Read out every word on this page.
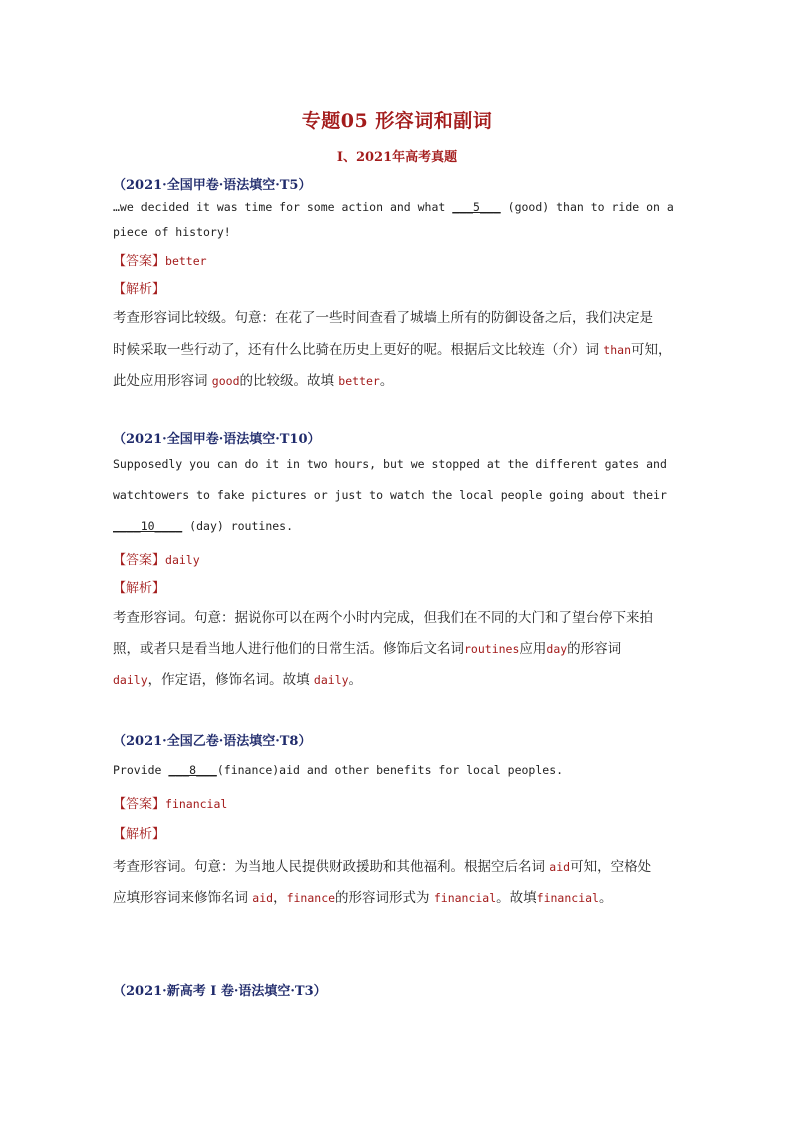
专题05 形容词和副词
I、2021年高考真题
（2021·全国甲卷·语法填空·T5）
…we decided it was time for some action and what ___5___ (good) than to ride on a
piece of history!
【答案】better
【解析】
考查形容词比较级。句意：在花了一些时间查看了城墙上所有的防御设备之后，我们决定是
时候采取一些行动了，还有什么比骑在历史上更好的呢。根据后文比较连（介）词 than可知，
此处应用形容词 good的比较级。故填 better。
（2021·全国甲卷·语法填空·T10）
Supposedly you can do it in two hours, but we stopped at the different gates and
watchtowers to fake pictures or just to watch the local people going about their
____10____ (day) routines.
【答案】daily
【解析】
考查形容词。句意：据说你可以在两个小时内完成，但我们在不同的大门和了望台停下来拍
照，或者只是看当地人进行他们的日常生活。修饰后文名词routines应用day的形容词
daily，作定语，修饰名词。故填 daily。
（2021·全国乙卷·语法填空·T8）
Provide ___8___(finance)aid and other benefits for local peoples.
【答案】financial
【解析】
考查形容词。句意：为当地人民提供财政援助和其他福利。根据空后名词 aid可知，空格处
应填形容词来修饰名词 aid，finance的形容词形式为 financial。故填financial。
（2021·新高考 I 卷·语法填空·T3）
